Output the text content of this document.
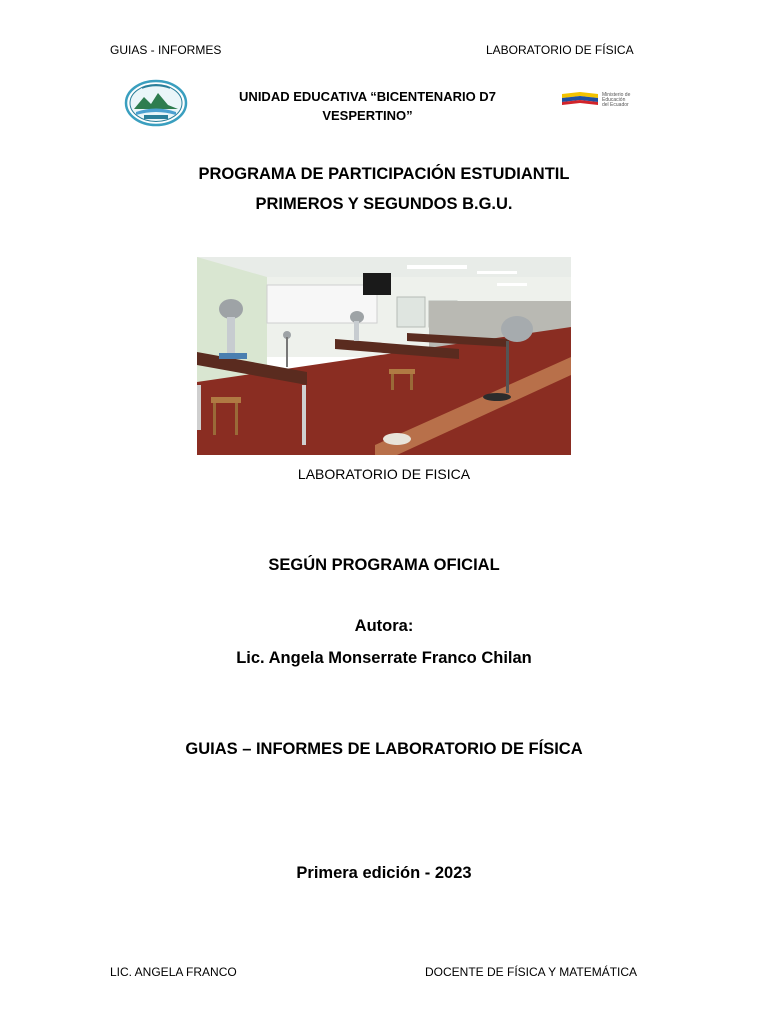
GUIAS - INFORMES	LABORATORIO DE FÍSICA
UNIDAD EDUCATIVA “BICENTENARIO D7
VESPERTINO”
Ministerio de
Educación
del Ecuador
PROGRAMA DE PARTICIPACIÓN ESTUDIANTIL
PRIMEROS Y SEGUNDOS B.G.U.
LABORATORIO DE FISICA
SEGÚN PROGRAMA OFICIAL
Autora:
Lic. Angela Monserrate Franco Chilan
GUIAS – INFORMES DE LABORATORIO DE FÍSICA
Primera edición - 2023
LIC. ANGELA FRANCO	DOCENTE DE FÍSICA Y MATEMÁTICA
